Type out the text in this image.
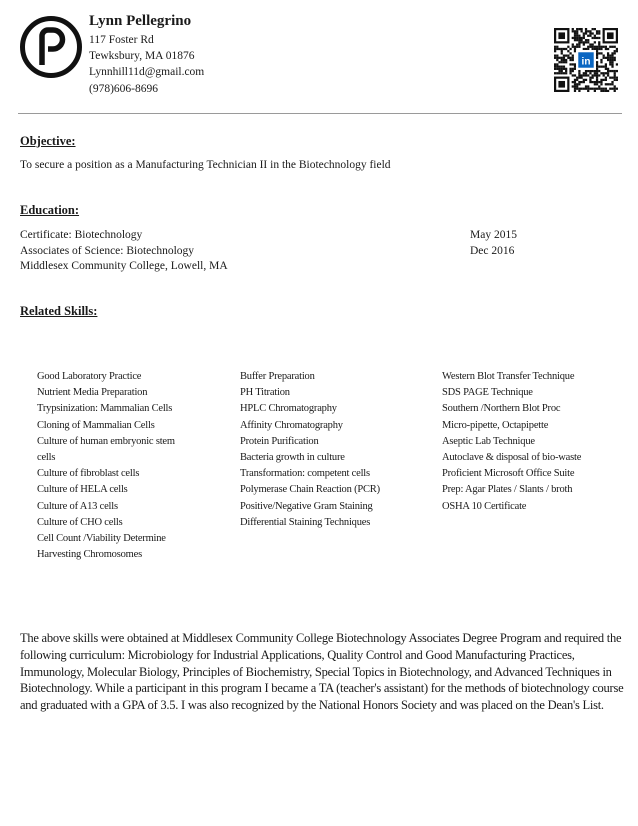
Lynn Pellegrino
117 Foster Rd
Tewksbury, MA 01876
Lynnhill11d@gmail.com
(978)606-8696
in
Objective:
To secure a position as a Manufacturing Technician II in the Biotechnology field
Education:
Certificate: Biotechnology	May 2015
Associates of Science: Biotechnology	Dec 2016
Middlesex Community College, Lowell, MA
Related Skills:
Good Laboratory Practice
Nutrient Media Preparation
Trypsinization: Mammalian Cells
Cloning of Mammalian Cells
Culture of human embryonic stem
cells
Culture of fibroblast cells
Culture of HELA cells
Culture of A13 cells
Culture of CHO cells
Cell Count /Viability Determine
Harvesting Chromosomes
Buffer Preparation
PH Titration
HPLC Chromatography
Affinity Chromatography
Protein Purification
Bacteria growth in culture
Transformation: competent cells
Polymerase Chain Reaction (PCR)
Positive/Negative Gram Staining
Differential Staining Techniques
Western Blot Transfer Technique
SDS PAGE Technique
Southern /Northern Blot Proc
Micro-pipette, Octapipette
Aseptic Lab Technique
Autoclave & disposal of bio-waste
Proficient Microsoft Office Suite
Prep: Agar Plates / Slants / broth
OSHA 10 Certificate
The above skills were obtained at Middlesex Community College Biotechnology Associates Degree Program and required the following curriculum: Microbiology for Industrial Applications, Quality Control and Good Manufacturing Practices, Immunology, Molecular Biology, Principles of Biochemistry, Special Topics in Biotechnology, and Advanced Techniques in Biotechnology. While a participant in this program I became a TA (teacher's assistant) for the methods of biotechnology course and graduated with a GPA of 3.5. I was also recognized by the National Honors Society and was placed on the Dean's List.
